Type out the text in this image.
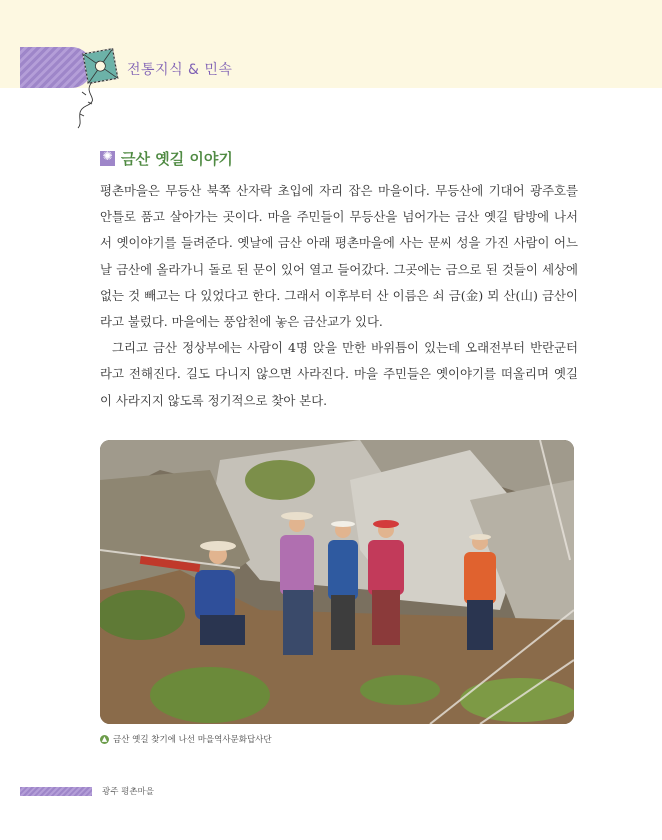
전통지식 & 민속
✺
금산 옛길 이야기

평촌마을은 무등산 북쪽 산자락 초입에 자리 잡은 마을이다. 무등산에 기대어 광주호를 안틀로 품고 살아가는 곳이다. 마을 주민들이 무등산을 넘어가는 금산 옛길 탐방에 나서서 옛이야기를 들려준다. 옛날에 금산 아래 평촌마을에 사는 문씨 성을 가진 사람이 어느 날 금산에 올라가니 돌로 된 문이 있어 열고 들어갔다. 그곳에는 금으로 된 것들이 세상에 없는 것 빼고는 다 있었다고 한다. 그래서 이후부터 산 이름은 쇠 금(金) 뫼 산(山) 금산이라고 불렀다. 마을에는 풍암천에 놓은 금산교가 있다.

그리고 금산 정상부에는 사람이 4명 앉을 만한 바위틈이 있는데 오래전부터 반란군터라고 전해진다. 길도 다니지 않으면 사라진다. 마을 주민들은 옛이야기를 떠올리며 옛길이 사라지지 않도록 정기적으로 찾아 본다.

▲ 금산 옛길 찾기에 나선 마을역사문화답사단
광주 평촌마을
